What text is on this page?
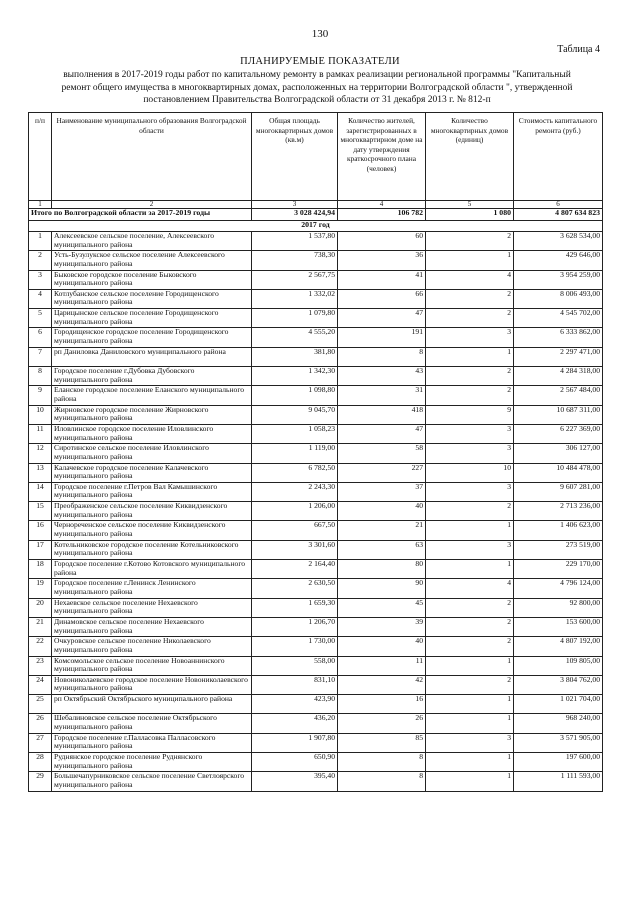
130
Таблица 4
ПЛАНИРУЕМЫЕ ПОКАЗАТЕЛИ
выполнения в 2017-2019 годы работ по капитальному ремонту в рамках реализации региональной программы "Капитальный
ремонт общего имущества в многоквартирных домах, расположенных на территории Волгоградской области ", утвержденной
постановлением Правительства Волгоградской области от 31 декабря 2013 г. № 812-п
п/п	Наименование муниципального образования Волгоградской области	Общая площадь многоквартирных домов (кв.м)	Количество жителей, зарегистрированных в многоквартирном доме на дату утверждения краткосрочного плана (человек)	Количество многоквартирных домов (единиц)	Стоимость капитального ремонта (руб.)
1	2	3	4	5	6
Итого по Волгоградской области за 2017-2019 годы		3 028 424,94	106 782	1 080	4 807 634 823
2017 год					
1	Алексеевское сельское поселение, Алексеевского муниципального района	1 537,80	60	2	3 628 534,00
2	Усть-Бузулукское сельское поселение Алексеевского муниципального района	738,30	36	1	429 646,00
3	Быковское городское поселение Быковского муниципального района	2 567,75	41	4	3 954 259,00
4	Котлубанское сельское поселение Городищенского муниципального района	1 332,02	66	2	8 006 493,00
5	Царицынское сельское поселение Городищенского муниципального района	1 079,80	47	2	4 545 702,00
6	Городищенское городское поселение Городищенского муниципального района	4 555,20	191	3	6 333 862,00
7	рп Даниловка Даниловского муниципального района	381,80	8	1	2 297 471,00
8	Городское поселение г.Дубовка Дубовского муниципального района	1 342,30	43	2	4 284 318,00
9	Еланское городское поселение Еланского муниципального района	1 098,80	31	2	2 567 484,00
10	Жирновское городское поселение Жирновского муниципального района	9 045,70	418	9	10 687 311,00
11	Иловлинское городское поселение Иловлинского муниципального района	1 058,23	47	3	6 227 369,00
12	Сиротинское сельское поселение Иловлинского муниципального района	1 119,00	58	3	306 127,00
13	Калачевское городское поселение Калачевского муниципального района	6 782,50	227	10	10 484 478,00
14	Городское поселение г.Петров Вал Камышинского муниципального района	2 243,30	37	3	9 607 281,00
15	Преображенское сельское поселение Киквидзенского муниципального района	1 206,00	40	2	2 713 236,00
16	Чернореченское сельское поселение Киквидзенского муниципального района	667,50	21	1	1 406 623,00
17	Котельниковское городское поселение Котельниковского муниципального района	3 301,60	63	3	273 519,00
18	Городское поселение г.Котово Котовского муниципального района	2 164,40	80	1	229 170,00
19	Городское поселение г.Ленинск Ленинского муниципального района	2 630,50	90	4	4 796 124,00
20	Нехаевское сельское поселение Нехаевского муниципального района	1 659,30	45	2	92 800,00
21	Динамовское сельское поселение Нехаевского муниципального района	1 206,70	39	2	153 600,00
22	Очкуровское сельское поселение Николаевского муниципального района	1 730,00	40	2	4 807 192,00
23	Комсомольское сельское поселение Новоаннинского муниципального района	558,00	11	1	109 805,00
24	Новониколаевское городское поселение Новониколаевского муниципального района	831,10	42	2	3 804 762,00
25	рп Октябрьский Октябрьского муниципального района	423,90	16	1	1 021 704,00
26	Шебалиновское сельское поселение Октябрьского муниципального района	436,20	26	1	968 240,00
27	Городское поселение г.Палласовка Палласовского муниципального района	1 907,80	85	3	3 571 905,00
28	Руднянское городское поселение Руднянского муниципального района	650,90	8	1	197 600,00
29	Большечапурниковское сельское поселение Светлоярского муниципального района	395,40	8	1	1 111 593,00
